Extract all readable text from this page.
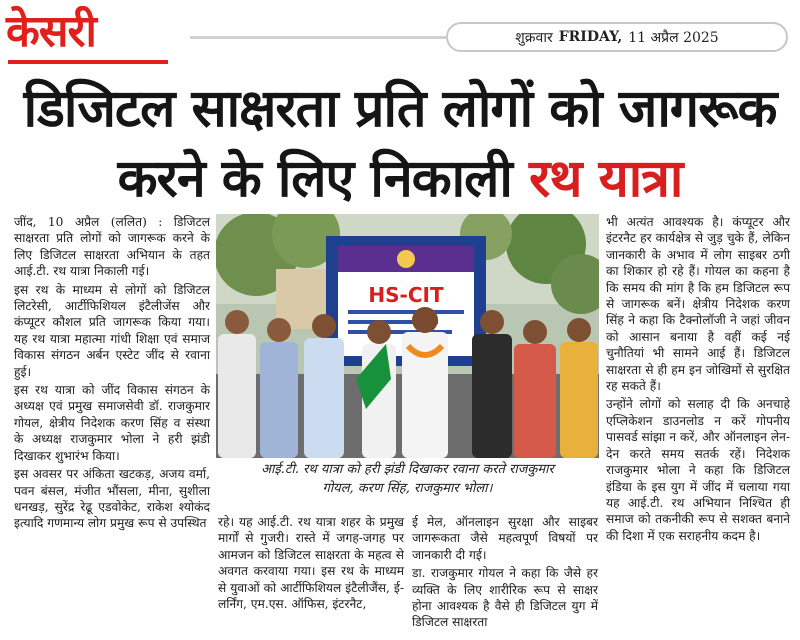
केसरी	शुक्रवार FRIDAY, 11 अप्रैल 2025
डिजिटल साक्षरता प्रति लोगों को जागरूक
करने के लिए निकाली रथ यात्रा

जींद, 10 अप्रैल (ललित) : डिजिटल साक्षरता प्रति लोगों को जागरूक करने के लिए डिजिटल साक्षरता अभियान के तहत आई.टी. रथ यात्रा निकाली गई।

इस रथ के माध्यम से लोगों को डिजिटल लिटरेसी, आर्टीफिशियल इंटैलीजेंस और कंप्यूटर कौशल प्रति जागरूक किया गया। यह रथ यात्रा महात्मा गांधी शिक्षा एवं समाज विकास संगठन अर्बन एस्टेट जींद से रवाना हुई।

इस रथ यात्रा को जींद विकास संगठन के अध्यक्ष एवं प्रमुख समाजसेवी डॉ. राजकुमार गोयल, क्षेत्रीय निदेशक करण सिंह व संस्था के अध्यक्ष राजकुमार भोला ने हरी झंडी दिखाकर शुभारंभ किया।

इस अवसर पर अंकिता खटकड़, अजय वर्मा, पवन बंसल, मंजीत भौंसला, मीना, सुशीला धनखड़, सुरेंद्र रेढू एडवोकेट, राकेश श्योकंद इत्यादि गणमान्य लोग प्रमुख रूप से उपस्थित

HS-CIT
आई.टी. रथ यात्रा को हरी झंडी दिखाकर रवाना करते राजकुमार
गोयल, करण सिंह, राजकुमार भोला।

रहे। यह आई.टी. रथ यात्रा शहर के प्रमुख मार्गों से गुजरी। रास्ते में जगह-जगह पर आमजन को डिजिटल साक्षरता के महत्व से अवगत करवाया गया। इस रथ के माध्यम से युवाओं को आर्टीफिशियल इंटैलीजैंस, ई-लर्निंग, एम.एस. ऑफिस, इंटरनैट,

ई मेल, ऑनलाइन सुरक्षा और साइबर जागरूकता जैसे महत्वपूर्ण विषयों पर जानकारी दी गई।

डा. राजकुमार गोयल ने कहा कि जैसे हर व्यक्ति के लिए शारीरिक रूप से साक्षर होना आवश्यक है वैसे ही डिजिटल युग में डिजिटल साक्षरता

भी अत्यंत आवश्यक है। कंप्यूटर और इंटरनैट हर कार्यक्षेत्र से जुड़ चुके हैं, लेकिन जानकारी के अभाव में लोग साइबर ठगी का शिकार हो रहे हैं। गोयल का कहना है कि समय की मांग है कि हम डिजिटल रूप से जागरूक बनें। क्षेत्रीय निदेशक करण सिंह ने कहा कि टैक्नोलॉजी ने जहां जीवन को आसान बनाया है वहीं कई नई चुनौतियां भी सामने आई हैं। डिजिटल साक्षरता से ही हम इन जोखिमों से सुरक्षित रह सकते हैं।

उन्होंने लोगों को सलाह दी कि अनचाहे एप्लिकेशन डाउनलोड न करें गोपनीय पासवर्ड सांझा न करें, और ऑनलाइन लेन-देन करते समय सतर्क रहें। निदेशक राजकुमार भोला ने कहा कि डिजिटल इंडिया के इस युग में जींद में चलाया गया यह आई.टी. रथ अभियान निश्चित ही समाज को तकनीकी रूप से सशक्त बनाने की दिशा में एक सराहनीय कदम है।
